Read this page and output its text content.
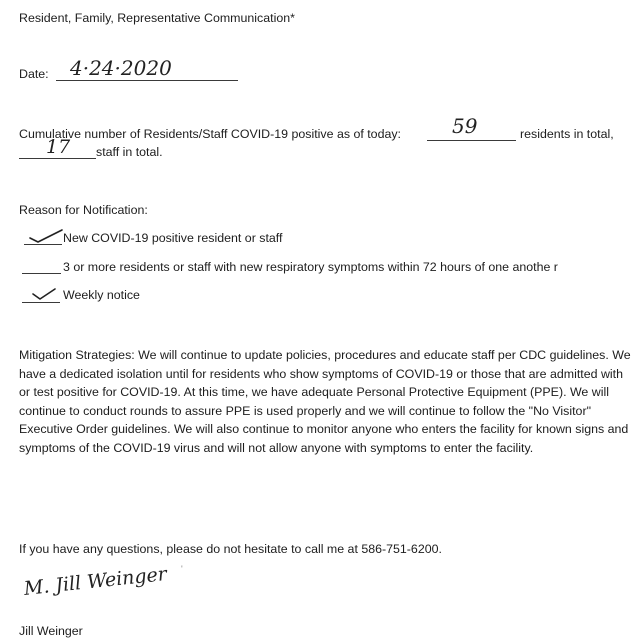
Resident, Family, Representative Communication*
Date: 4·24·2020
Cumulative number of Residents/Staff COVID-19 positive as of today:	59	residents in total,
17 staff in total.
Reason for Notification:
New COVID-19 positive resident or staff
3 or more residents or staff with new respiratory symptoms within 72 hours of one anothe r
Weekly notice
Mitigation Strategies: We will continue to update policies, procedures and educate staff per CDC guidelines. We have a dedicated isolation until for residents who show symptoms of COVID-19 or those that are admitted with or test positive for COVID-19. At this time, we have adequate Personal Protective Equipment (PPE). We will continue to conduct rounds to assure PPE is used properly and we will continue to follow the "No Visitor" Executive Order guidelines. We will also continue to monitor anyone who enters the facility for known signs and symptoms of the COVID-19 virus and will not allow anyone with symptoms to enter the facility.
If you have any questions, please do not hesitate to call me at 586-751-6200.
'
M. Jill Weinger
Jill Weinger
